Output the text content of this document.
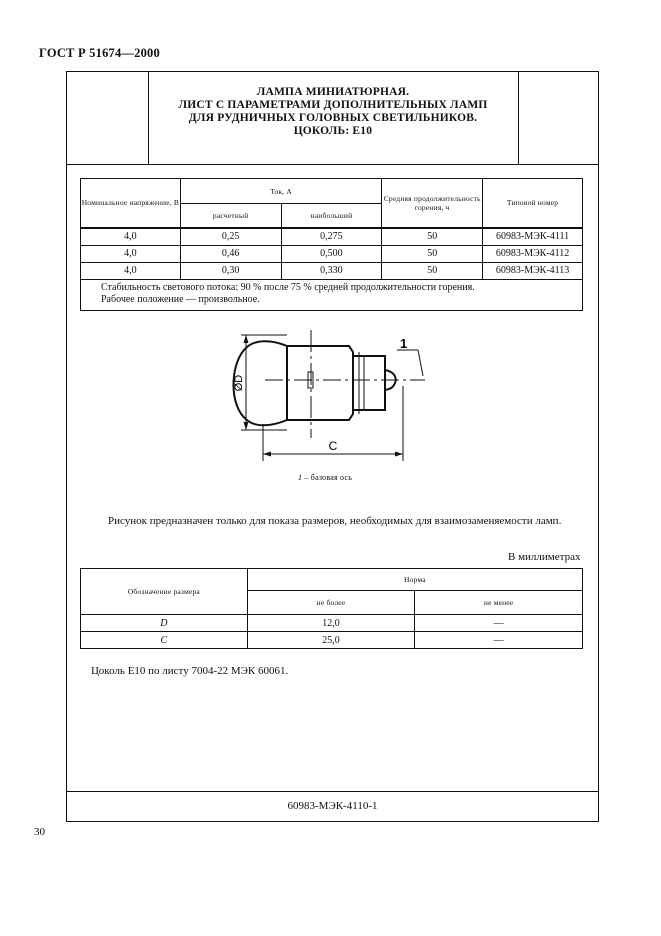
ГОСТ Р 51674—2000
ЛАМПА МИНИАТЮРНАЯ.
ЛИСТ С ПАРАМЕТРАМИ ДОПОЛНИТЕЛЬНЫХ ЛАМП
ДЛЯ РУДНИЧНЫХ ГОЛОВНЫХ СВЕТИЛЬНИКОВ.
ЦОКОЛЬ: Е10
Номинальное напряжение, В	Ток, А		Средняя продолжительность горения, ч	Типовой номер
	расчетный	наибольший		
4,0	0,25	0,275	50	60983-МЭК-4111
4,0	0,46	0,500	50	60983-МЭК-4112
4,0	0,30	0,330	50	60983-МЭК-4113

Стабильность светового потока: 90 % после 75 % средней продолжительности горения.
Рабочее положение — произвольное.				
ØD
C
1
1 – базовая ось
Рисунок предназначен только для показа размеров, необходимых для взаимозаменяемости ламп.
В миллиметрах
Обозначение размера	Норма	
	не более	не менее
D	12,0	—
C	25,0	—
Цоколь Е10 по листу 7004-22 МЭК 60061.
60983-МЭК-4110-1
30
